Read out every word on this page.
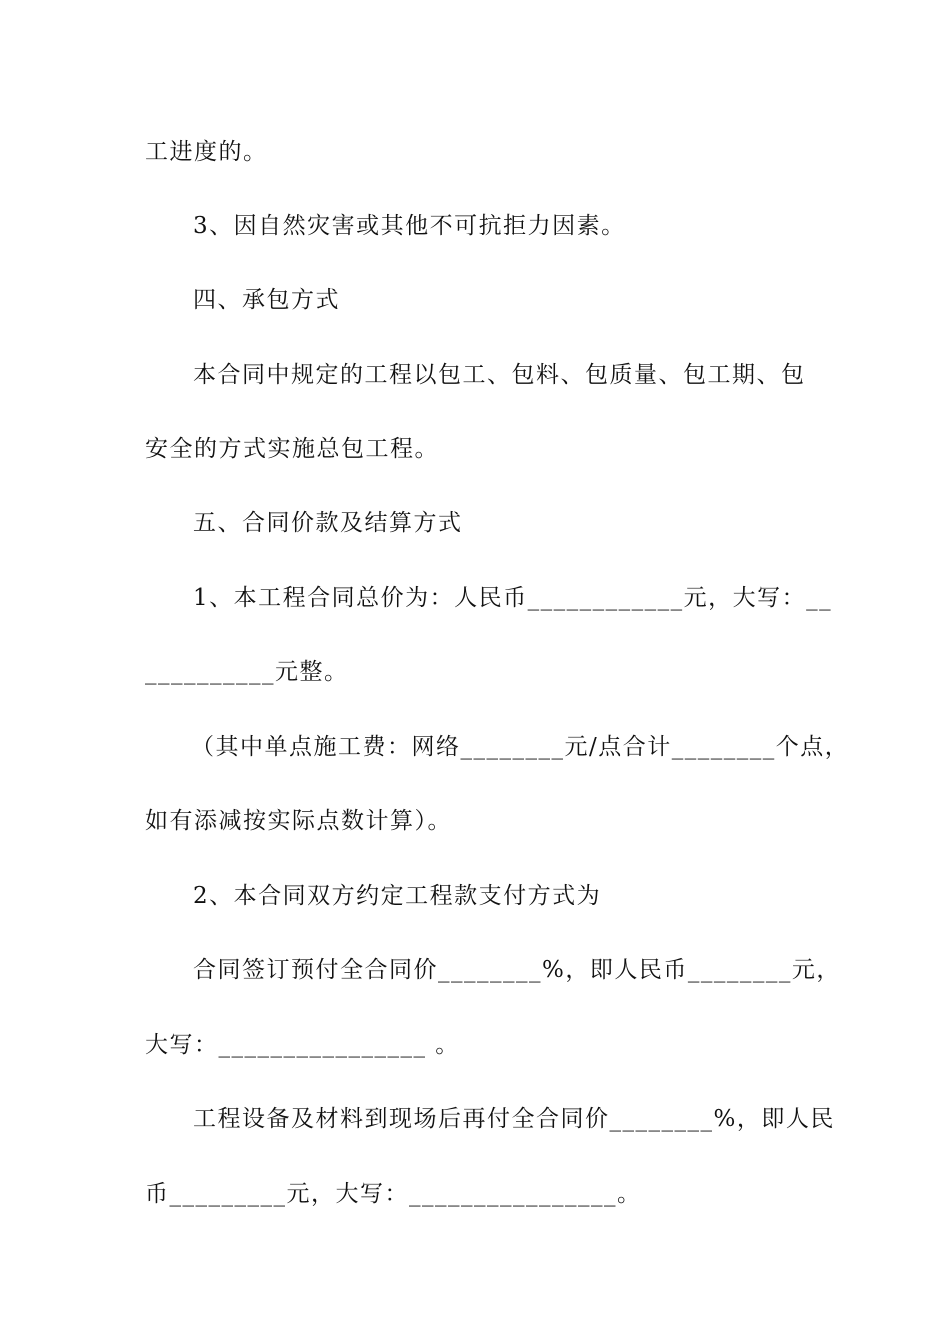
工进度的。
3、因自然灾害或其他不可抗拒力因素。
四、承包方式
本合同中规定的工程以包工、包料、包质量、包工期、包
安全的方式实施总包工程。
五、合同价款及结算方式
1、本工程合同总价为：人民币____________元，大写：__
__________元整。
（其中单点施工费：网络________元/点合计________个点，
如有添减按实际点数计算）。
2、本合同双方约定工程款支付方式为
合同签订预付全合同价________%，即人民币________元，
大写：________________ 。
工程设备及材料到现场后再付全合同价________%，即人民
币_________元，大写：________________。
